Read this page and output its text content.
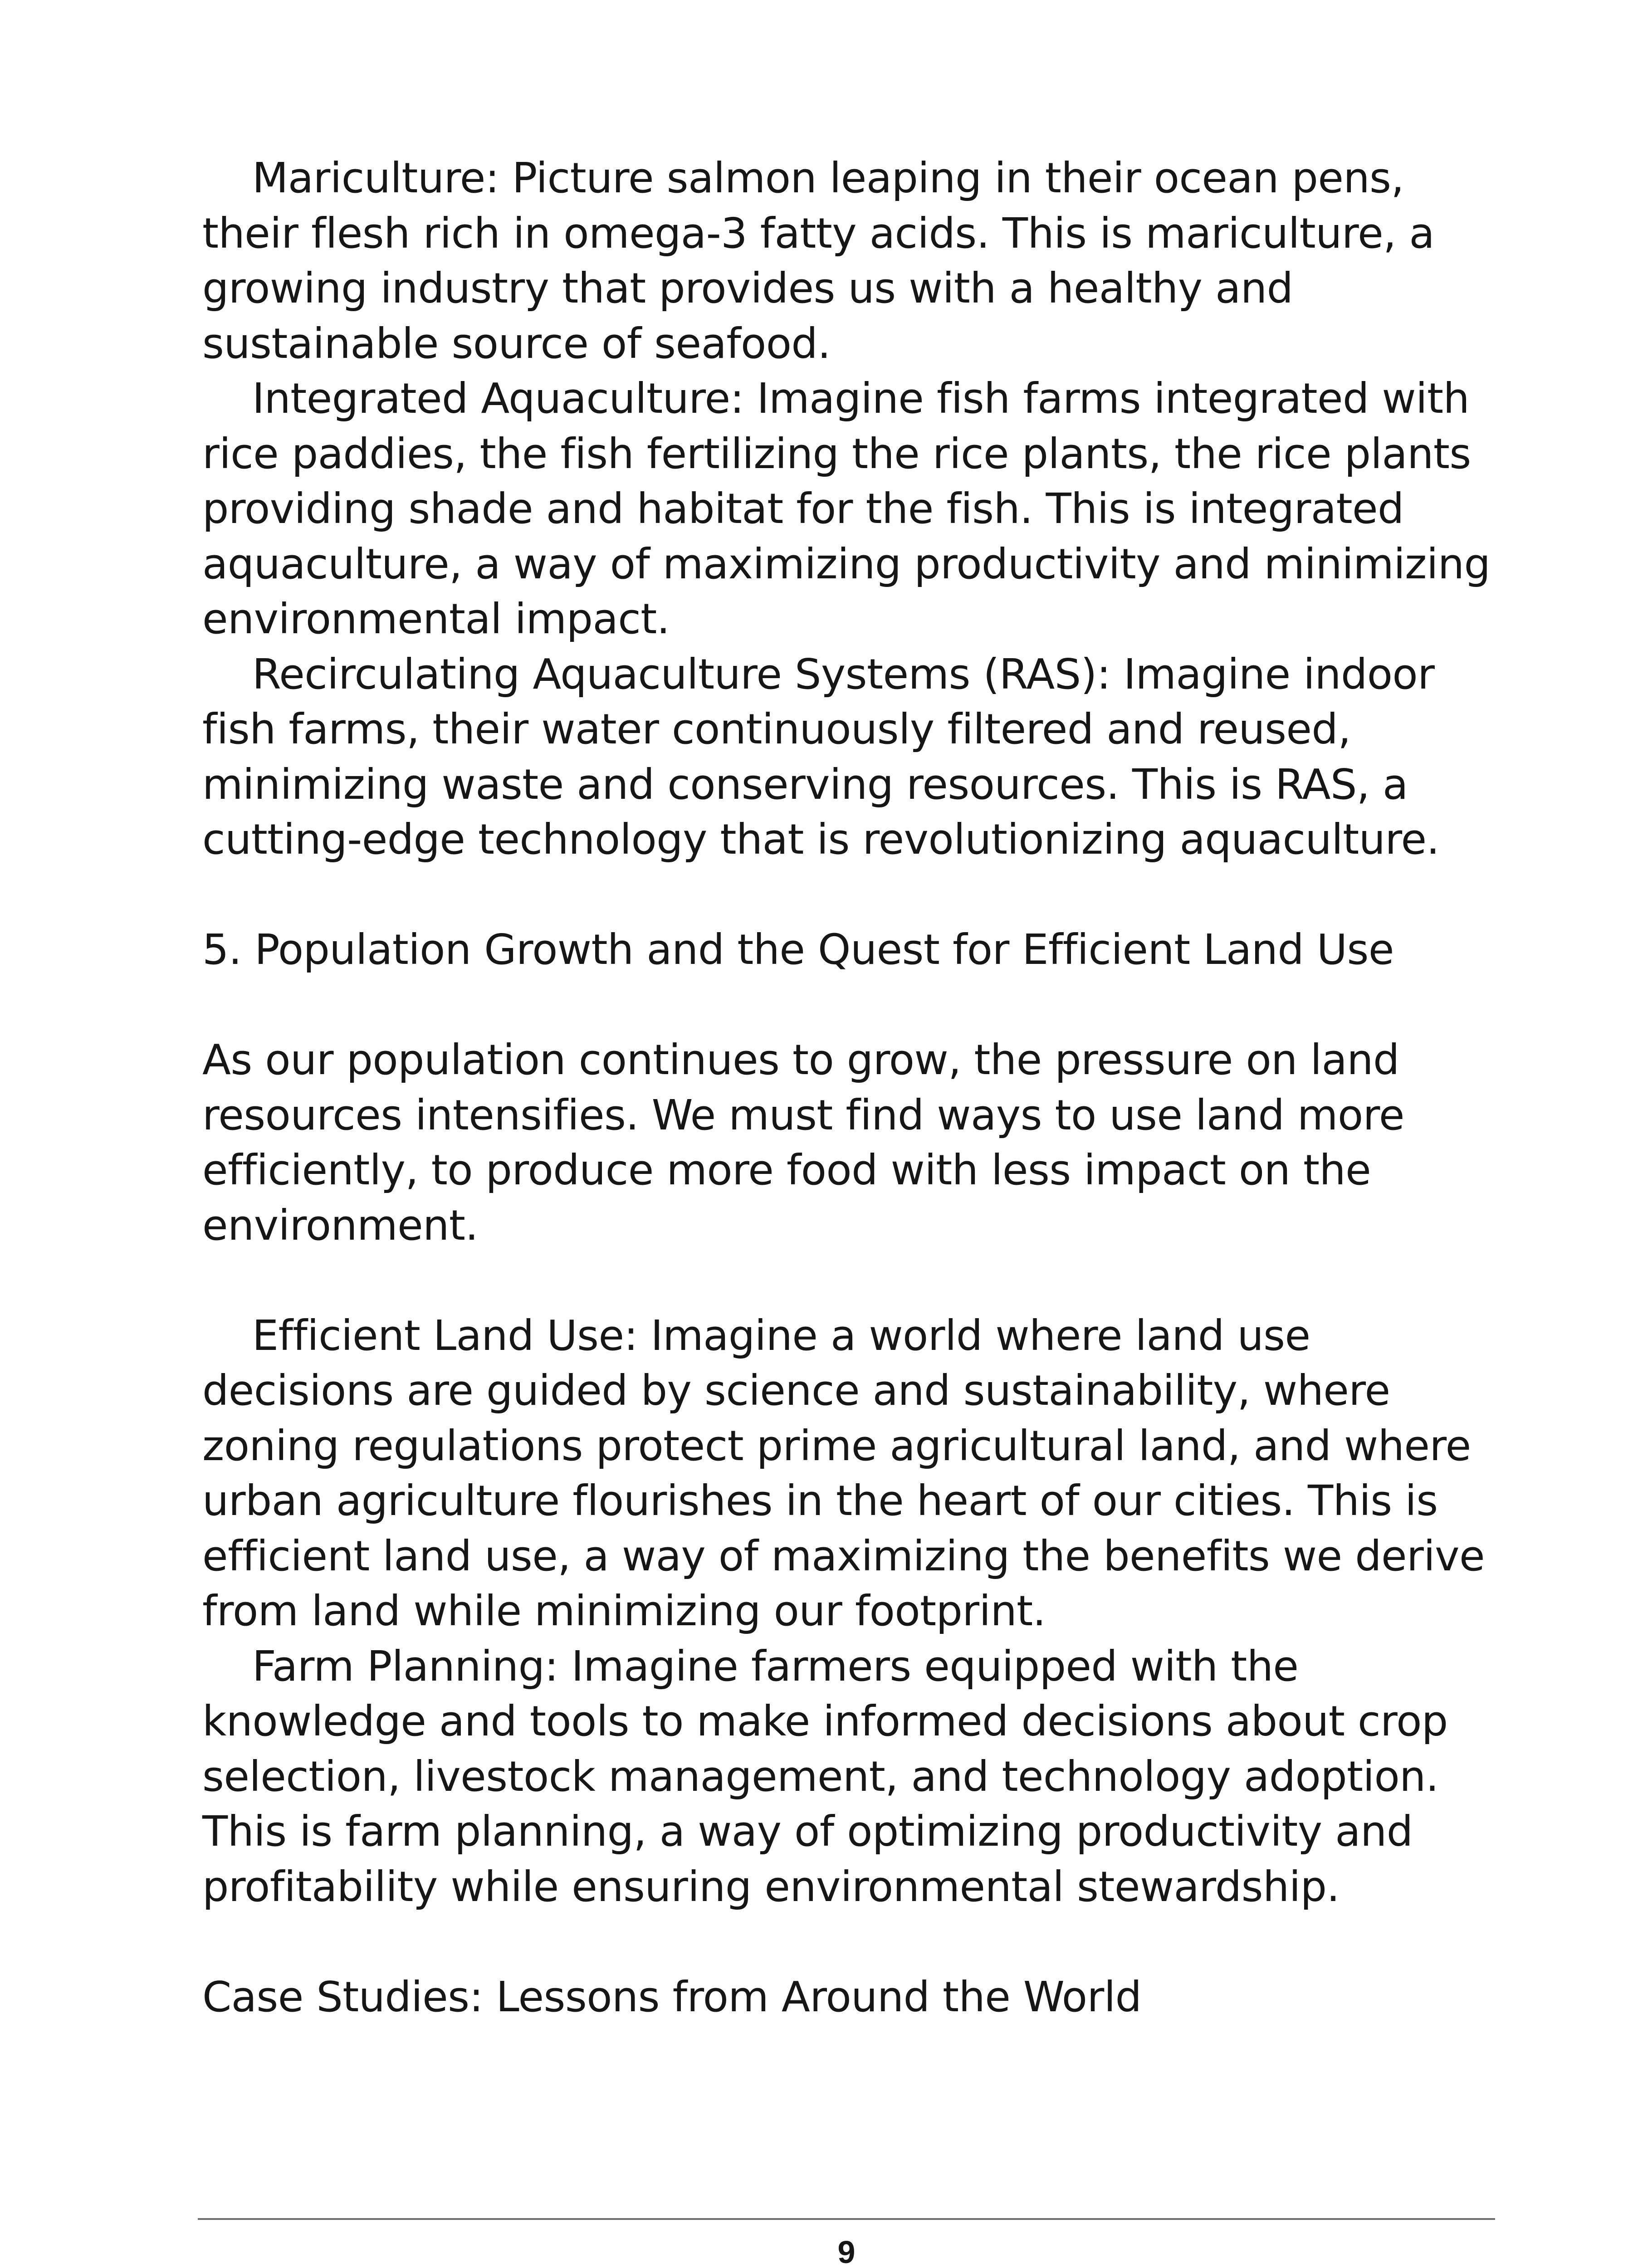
Mariculture: Picture salmon leaping in their ocean pens, their flesh rich in omega-3 fatty acids. This is mariculture, a growing industry that provides us with a healthy and sustainable source of seafood.

Integrated Aquaculture: Imagine fish farms integrated with rice paddies, the fish fertilizing the rice plants, the rice plants providing shade and habitat for the fish. This is integrated aquaculture, a way of maximizing productivity and minimizing environmental impact.

Recirculating Aquaculture Systems (RAS): Imagine indoor fish farms, their water continuously filtered and reused, minimizing waste and conserving resources. This is RAS, a cutting-edge technology that is revolutionizing aquaculture.

5. Population Growth and the Quest for Efficient Land Use

As our population continues to grow, the pressure on land resources intensifies. We must find ways to use land more efficiently, to produce more food with less impact on the environment.

Efficient Land Use: Imagine a world where land use decisions are guided by science and sustainability, where zoning regulations protect prime agricultural land, and where urban agriculture flourishes in the heart of our cities. This is efficient land use, a way of maximizing the benefits we derive from land while minimizing our footprint.

Farm Planning: Imagine farmers equipped with the knowledge and tools to make informed decisions about crop selection, livestock management, and technology adoption. This is farm planning, a way of optimizing productivity and profitability while ensuring environmental stewardship.

Case Studies: Lessons from Around the World

9
